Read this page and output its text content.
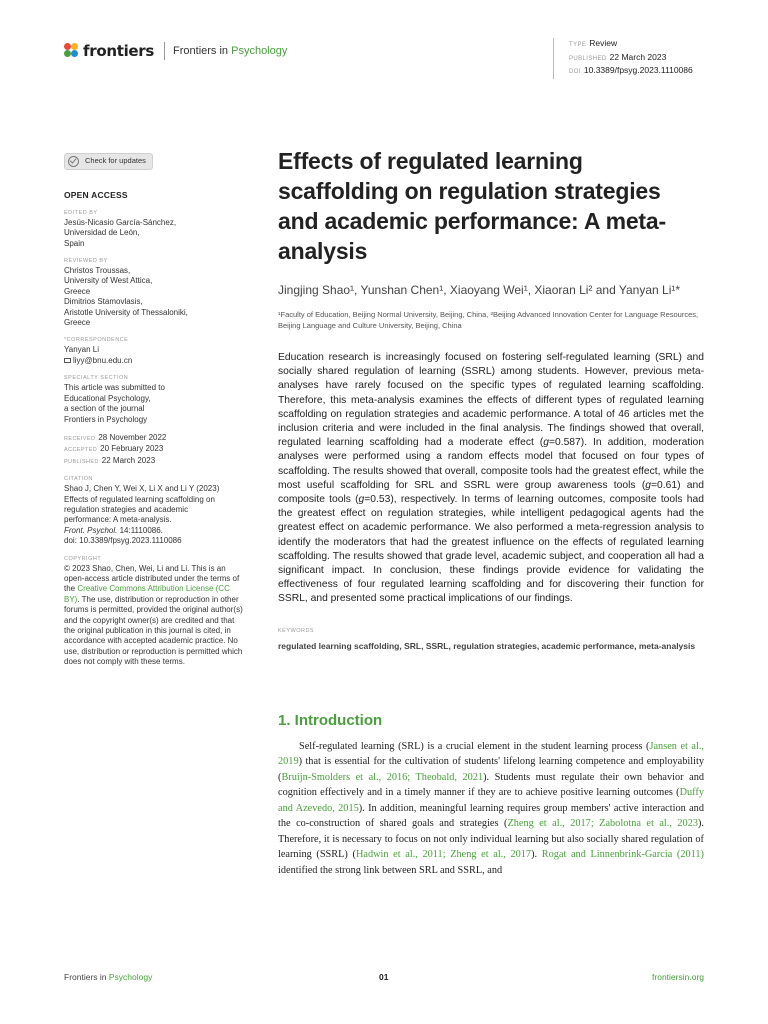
frontiers Frontiers in Psychology	TYPE Review
PUBLISHED 22 March 2023
DOI 10.3389/fpsyg.2023.1110086
Check for updates
OPEN ACCESS
EDITED BY
Jesús-Nicasio García-Sánchez,
Universidad de León,
Spain
REVIEWED BY
Christos Troussas,
University of West Attica,
Greece
Dimitrios Stamovlasis,
Aristotle University of Thessaloniki,
Greece
*CORRESPONDENCE
Yanyan Li
liyy@bnu.edu.cn
SPECIALTY SECTION
This article was submitted to
Educational Psychology,
a section of the journal
Frontiers in Psychology
RECEIVED 28 November 2022
ACCEPTED 20 February 2023
PUBLISHED 22 March 2023
CITATION
Shao J, Chen Y, Wei X, Li X and Li Y (2023)
Effects of regulated learning scaffolding on
regulation strategies and academic
performance: A meta-analysis.
Front. Psychol. 14:1110086.
doi: 10.3389/fpsyg.2023.1110086
COPYRIGHT
© 2023 Shao, Chen, Wei, Li and Li. This is an open-access article distributed under the terms of the Creative Commons Attribution License (CC BY). The use, distribution or reproduction in other forums is permitted, provided the original author(s) and the copyright owner(s) are credited and that the original publication in this journal is cited, in accordance with accepted academic practice. No use, distribution or reproduction is permitted which does not comply with these terms.
Effects of regulated learning scaffolding on regulation strategies and academic performance: A meta-analysis
Jingjing Shao¹, Yunshan Chen¹, Xiaoyang Wei¹, Xiaoran Li² and Yanyan Li¹*
¹Faculty of Education, Beijing Normal University, Beijing, China, ²Beijing Advanced Innovation Center for Language Resources, Beijing Language and Culture University, Beijing, China
Education research is increasingly focused on fostering self-regulated learning (SRL) and socially shared regulation of learning (SSRL) among students. However, previous meta-analyses have rarely focused on the specific types of regulated learning scaffolding. Therefore, this meta-analysis examines the effects of different types of regulated learning scaffolding on regulation strategies and academic performance. A total of 46 articles met the inclusion criteria and were included in the final analysis. The findings showed that overall, regulated learning scaffolding had a moderate effect (g=0.587). In addition, moderation analyses were performed using a random effects model that focused on four types of scaffolding. The results showed that overall, composite tools had the greatest effect, while the most useful scaffolding for SRL and SSRL were group awareness tools (g=0.61) and composite tools (g=0.53), respectively. In terms of learning outcomes, composite tools had the greatest effect on regulation strategies, while intelligent pedagogical agents had the greatest effect on academic performance. We also performed a meta-regression analysis to identify the moderators that had the greatest influence on the effects of regulated learning scaffolding. The results showed that grade level, academic subject, and cooperation all had a significant impact. In conclusion, these findings provide evidence for validating the effectiveness of four regulated learning scaffolding and for discovering their function for SSRL, and presented some practical implications of our findings.
KEYWORDS
regulated learning scaffolding, SRL, SSRL, regulation strategies, academic performance, meta-analysis
1. Introduction

Self-regulated learning (SRL) is a crucial element in the student learning process (Jansen et al., 2019) that is essential for the cultivation of students' lifelong learning competence and employability (Bruijn-Smolders et al., 2016; Theobald, 2021). Students must regulate their own behavior and cognition effectively and in a timely manner if they are to achieve positive learning outcomes (Duffy and Azevedo, 2015). In addition, meaningful learning requires group members' active interaction and the co-construction of shared goals and strategies (Zheng et al., 2017; Zabolotna et al., 2023). Therefore, it is necessary to focus on not only individual learning but also socially shared regulation of learning (SSRL) (Hadwin et al., 2011; Zheng et al., 2017). Rogat and Linnenbrink-Garcia (2011) identified the strong link between SRL and SSRL, and

Frontiers in Psychology	01	frontiersin.org
